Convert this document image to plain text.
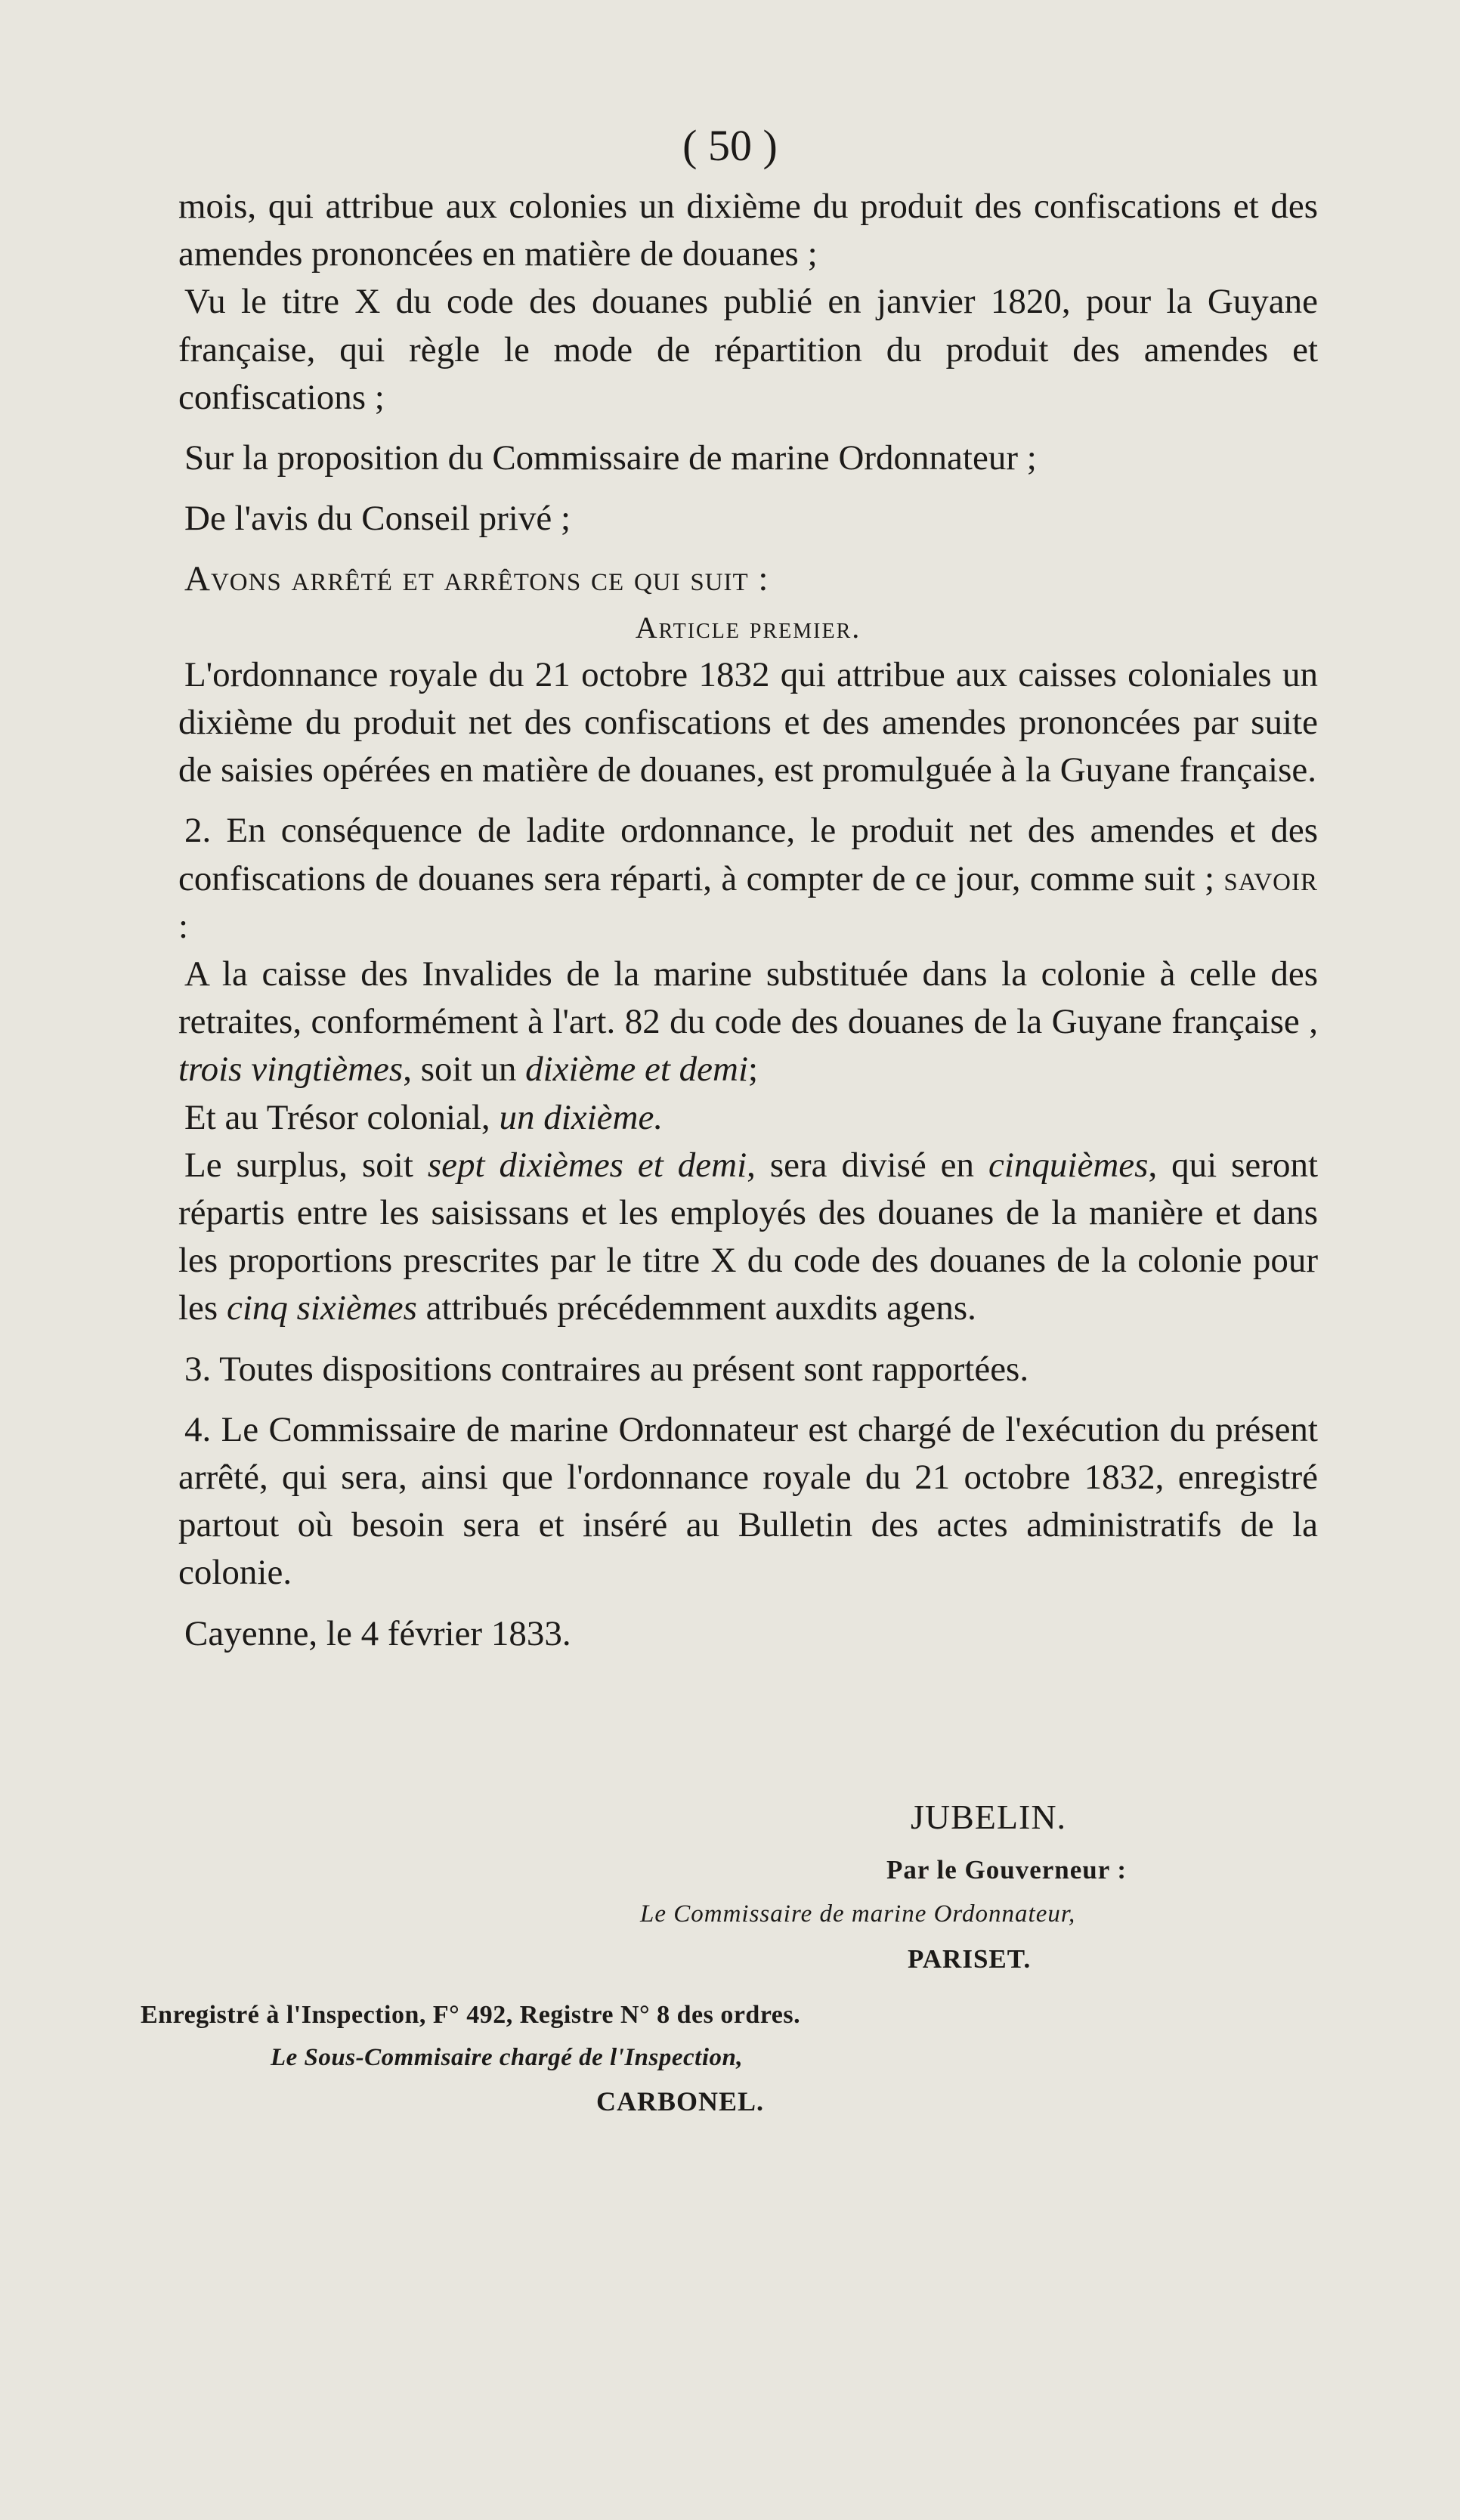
( 50 )

mois, qui attribue aux colonies un dixième du produit des confiscations et des amendes prononcées en matière de douanes ;

Vu le titre X du code des douanes publié en janvier 1820, pour la Guyane française, qui règle le mode de répartition du produit des amendes et confiscations ;

Sur la proposition du Commissaire de marine Ordonnateur ;

De l'avis du Conseil privé ;

Avons arrêté et arrêtons ce qui suit :

Article premier.

L'ordonnance royale du 21 octobre 1832 qui attribue aux caisses coloniales un dixième du produit net des confiscations et des amendes prononcées par suite de saisies opérées en matière de douanes, est promulguée à la Guyane française.

2. En conséquence de ladite ordonnance, le produit net des amendes et des confiscations de douanes sera réparti, à compter de ce jour, comme suit ; savoir :

A la caisse des Invalides de la marine substituée dans la colonie à celle des retraites, conformément à l'art. 82 du code des douanes de la Guyane française , trois vingtièmes, soit un dixième et demi;

Et au Trésor colonial, un dixième.

Le surplus, soit sept dixièmes et demi, sera divisé en cinquièmes, qui seront répartis entre les saisissans et les employés des douanes de la manière et dans les proportions prescrites par le titre X du code des douanes de la colonie pour les cinq sixièmes attribués précédemment auxdits agens.

3. Toutes dispositions contraires au présent sont rapportées.

4. Le Commissaire de marine Ordonnateur est chargé de l'exécution du présent arrêté, qui sera, ainsi que l'ordonnance royale du 21 octobre 1832, enregistré partout où besoin sera et inséré au Bulletin des actes administratifs de la colonie.

Cayenne, le 4 février 1833.

JUBELIN.
Par le Gouverneur :
Le Commissaire de marine Ordonnateur,
PARISET.
Enregistré à l'Inspection, F° 492, Registre N° 8 des ordres.
Le Sous-Commisaire chargé de l'Inspection,
CARBONEL.
